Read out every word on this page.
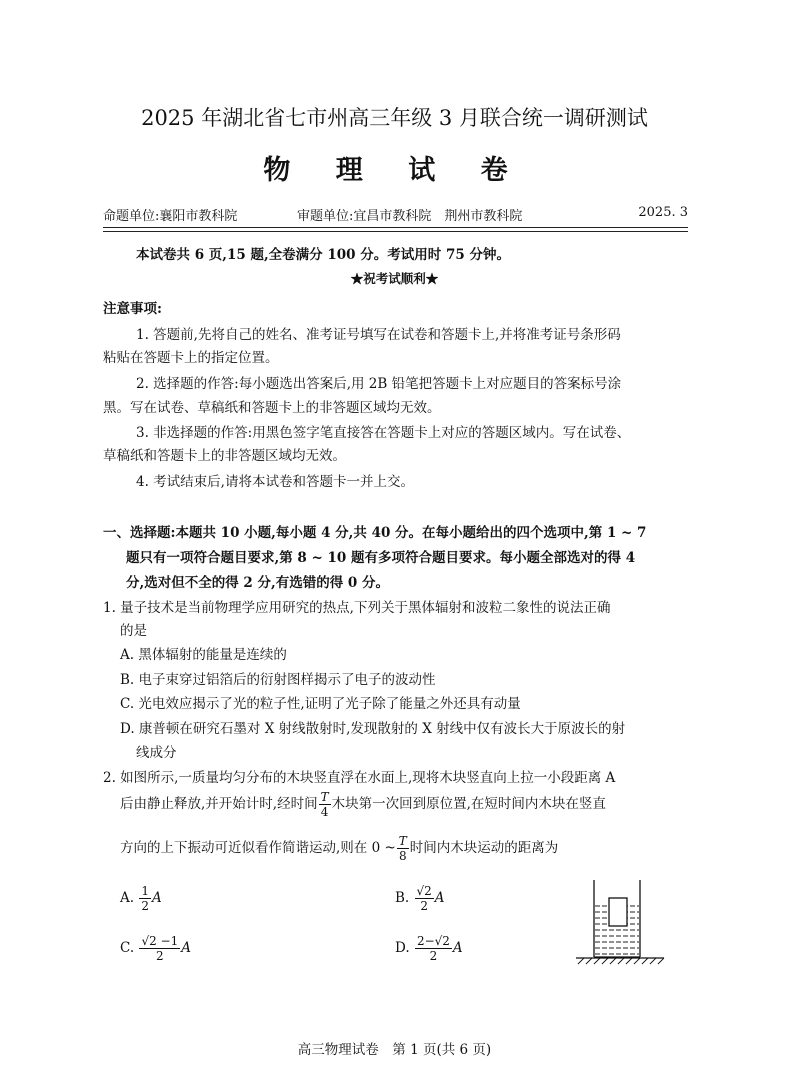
2025 年湖北省七市州高三年级 3 月联合统一调研测试
物 理 试 卷
命题单位:襄阳市教科院	审题单位:宜昌市教科院　荆州市教科院	2025. 3
本试卷共 6 页,15 题,全卷满分 100 分。考试用时 75 分钟。
★祝考试顺利★
注意事项:
1. 答题前,先将自己的姓名、准考证号填写在试卷和答题卡上,并将准考证号条形码
粘贴在答题卡上的指定位置。
2. 选择题的作答:每小题选出答案后,用 2B 铅笔把答题卡上对应题目的答案标号涂
黑。写在试卷、草稿纸和答题卡上的非答题区域均无效。
3. 非选择题的作答:用黑色签字笔直接答在答题卡上对应的答题区域内。写在试卷、
草稿纸和答题卡上的非答题区域均无效。
4. 考试结束后,请将本试卷和答题卡一并上交。
一、选择题:本题共 10 小题,每小题 4 分,共 40 分。在每小题给出的四个选项中,第 1 ~ 7
题只有一项符合题目要求,第 8 ~ 10 题有多项符合题目要求。每小题全部选对的得 4
分,选对但不全的得 2 分,有选错的得 0 分。
1. 量子技术是当前物理学应用研究的热点,下列关于黑体辐射和波粒二象性的说法正确
的是
A. 黑体辐射的能量是连续的
B. 电子束穿过铝箔后的衍射图样揭示了电子的波动性
C. 光电效应揭示了光的粒子性,证明了光子除了能量之外还具有动量
D. 康普顿在研究石墨对 X 射线散射时,发现散射的 X 射线中仅有波长大于原波长的射
线成分
2. 如图所示,一质量均匀分布的木块竖直浮在水面上,现将木块竖直向上拉一小段距离 A
后由静止释放,并开始计时,经时间 $\frac{T}{4}$ 木块第一次回到原位置,在短时间内木块在竖直
方向的上下振动可近似看作简谐运动,则在 0 ~ $\frac{T}{8}$ 时间内木块运动的距离为
A. $\frac{1}{2}$ A	B. $\frac{√2}{2}$ A
C. $\frac{√2 -1}{2}$ A	D. $\frac{2-√2}{2}$ A
高三物理试卷　第 1 页(共 6 页)
